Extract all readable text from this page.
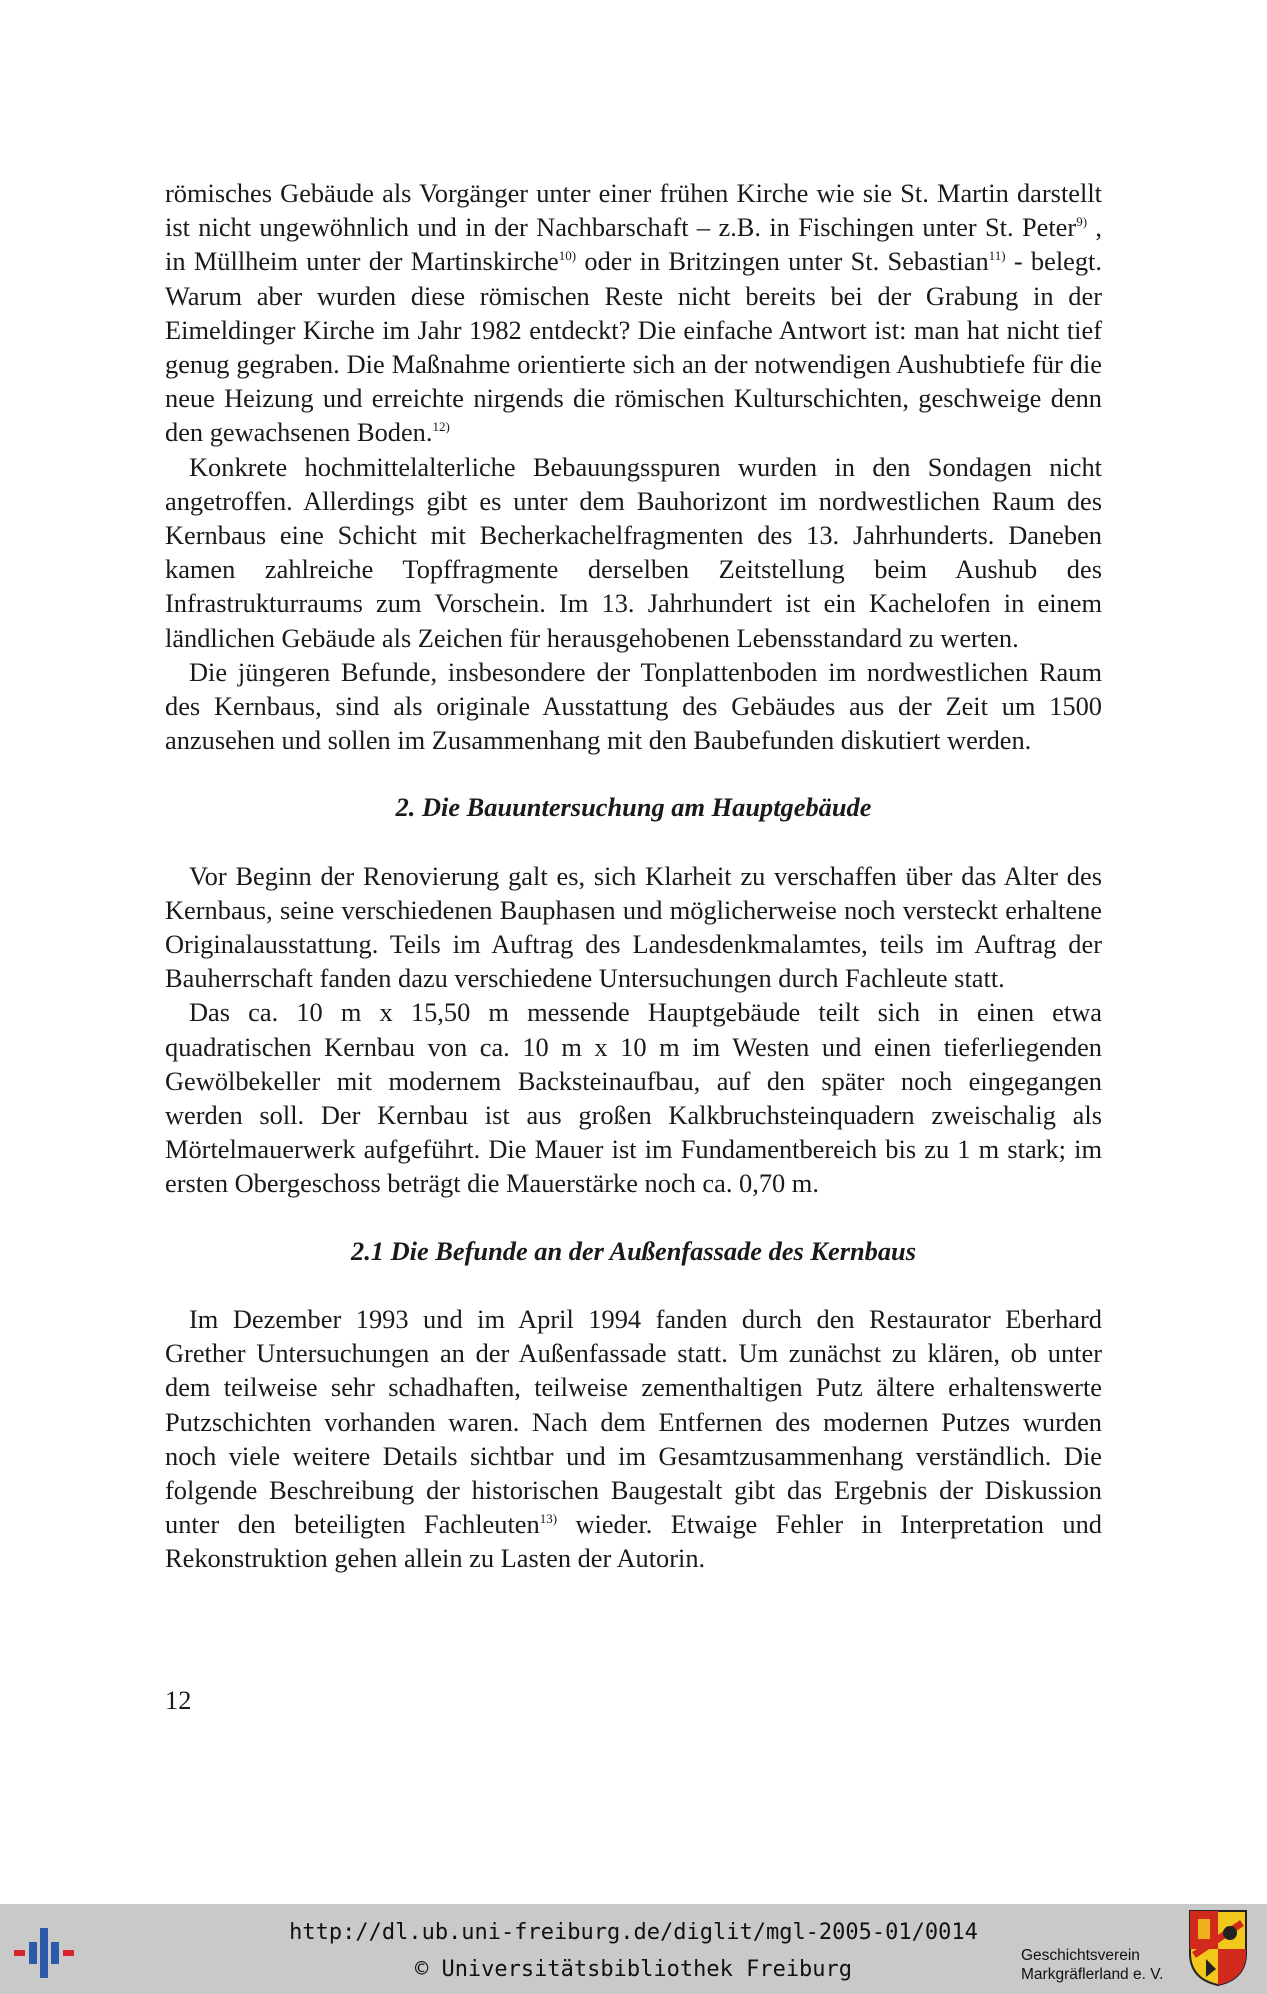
römisches Gebäude als Vorgänger unter einer frühen Kirche wie sie St. Martin darstellt ist nicht ungewöhnlich und in der Nachbarschaft – z.B. in Fischingen unter St. Peter$^{9)}$ , in Müllheim unter der Martinskirche$^{10)}$ oder in Britzingen unter St. Sebastian$^{11)}$ - belegt. Warum aber wurden diese römischen Reste nicht bereits bei der Grabung in der Eimeldinger Kirche im Jahr 1982 entdeckt? Die einfache Antwort ist: man hat nicht tief genug gegraben. Die Maßnahme orientierte sich an der notwendigen Aushubtiefe für die neue Heizung und erreichte nirgends die römischen Kulturschichten, geschweige denn den gewachsenen Boden.$^{12)}$

Konkrete hochmittelalterliche Bebauungsspuren wurden in den Sondagen nicht angetroffen. Allerdings gibt es unter dem Bauhorizont im nordwestlichen Raum des Kernbaus eine Schicht mit Becherkachelfragmenten des 13. Jahrhunderts. Daneben kamen zahlreiche Topffragmente derselben Zeitstellung beim Aushub des Infrastrukturraums zum Vorschein. Im 13. Jahrhundert ist ein Kachelofen in einem ländlichen Gebäude als Zeichen für herausgehobenen Lebensstandard zu werten.

Die jüngeren Befunde, insbesondere der Tonplattenboden im nordwestlichen Raum des Kernbaus, sind als originale Ausstattung des Gebäudes aus der Zeit um 1500 anzusehen und sollen im Zusammenhang mit den Baubefunden diskutiert werden.

2. Die Bauuntersuchung am Hauptgebäude

Vor Beginn der Renovierung galt es, sich Klarheit zu verschaffen über das Alter des Kernbaus, seine verschiedenen Bauphasen und möglicherweise noch versteckt erhaltene Originalausstattung. Teils im Auftrag des Landesdenkmalamtes, teils im Auftrag der Bauherrschaft fanden dazu verschiedene Untersuchungen durch Fachleute statt.

Das ca. 10 m x 15,50 m messende Hauptgebäude teilt sich in einen etwa quadratischen Kernbau von ca. 10 m x 10 m im Westen und einen tieferliegenden Gewölbekeller mit modernem Backsteinaufbau, auf den später noch eingegangen werden soll. Der Kernbau ist aus großen Kalkbruchsteinquadern zweischalig als Mörtelmauerwerk aufgeführt. Die Mauer ist im Fundamentbereich bis zu 1 m stark; im ersten Obergeschoss beträgt die Mauerstärke noch ca. 0,70 m.

2.1 Die Befunde an der Außenfassade des Kernbaus

Im Dezember 1993 und im April 1994 fanden durch den Restaurator Eberhard Grether Untersuchungen an der Außenfassade statt. Um zunächst zu klären, ob unter dem teilweise sehr schadhaften, teilweise zementhaltigen Putz ältere erhaltenswerte Putzschichten vorhanden waren. Nach dem Entfernen des modernen Putzes wurden noch viele weitere Details sichtbar und im Gesamtzusammenhang verständlich. Die folgende Beschreibung der historischen Baugestalt gibt das Ergebnis der Diskussion unter den beteiligten Fachleuten$^{13)}$ wieder. Etwaige Fehler in Interpretation und Rekonstruktion gehen allein zu Lasten der Autorin.

12
http://dl.ub.uni-freiburg.de/diglit/mgl-2005-01/0014
© Universitätsbibliothek Freiburg
Geschichtsverein
Markgräflerland e. V.
